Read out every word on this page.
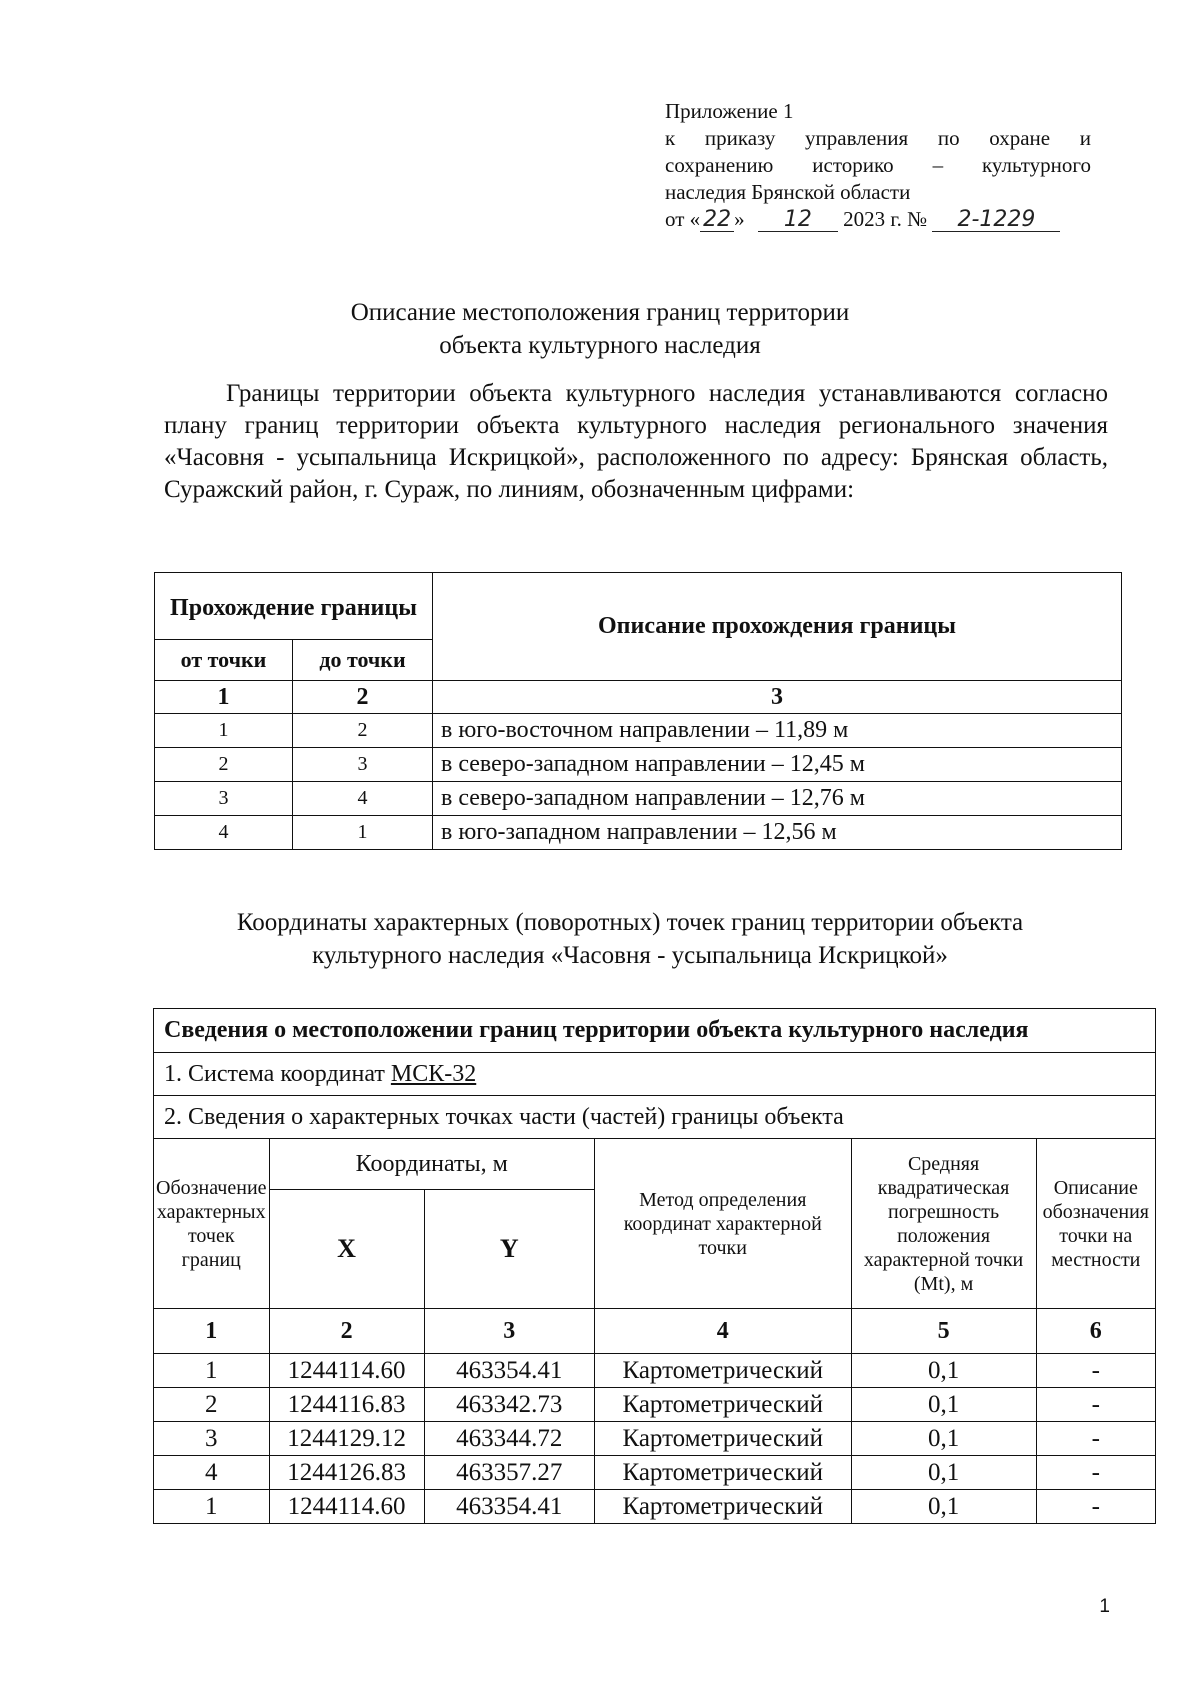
Приложение 1
к приказу управления по охране и
сохранению историко – культурного
наследия Брянской области
от « 22 » 12 2023 г. № 2-1229
Описание местоположения границ территории
объекта культурного наследия

Границы территории объекта культурного наследия устанавливаются согласно плану границ территории объекта культурного наследия регионального значения «Часовня - усыпальница Искрицкой», расположенного по адресу: Брянская область, Суражский район, г. Сураж, по линиям, обозначенным цифрами:

Прохождение границы		Описание прохождения границы
от точки	до точки	
1	2	3
1	2	в юго-восточном направлении – 11,89 м
2	3	в северо-западном направлении – 12,45 м
3	4	в северо-западном направлении – 12,76 м
4	1	в юго-западном направлении – 12,56 м
Координаты характерных (поворотных) точек границ территории объекта
культурного наследия «Часовня - усыпальница Искрицкой»
Сведения о местоположении границ территории объекта культурного наследия					
1. Система координат МСК-32					
2. Сведения о характерных точках части (частей) границы объекта					
Обозначение характерных точек границ	Координаты, м		Метод определения координат характерной точки	Средняя квадратическая погрешность положения характерной точки (Mt), м	Описание обозначения точки на местности
	X	Y			
1	2	3	4	5	6
1	1244114.60	463354.41	Картометрический	0,1	-
2	1244116.83	463342.73	Картометрический	0,1	-
3	1244129.12	463344.72	Картометрический	0,1	-
4	1244126.83	463357.27	Картометрический	0,1	-
1	1244114.60	463354.41	Картометрический	0,1	-
1
